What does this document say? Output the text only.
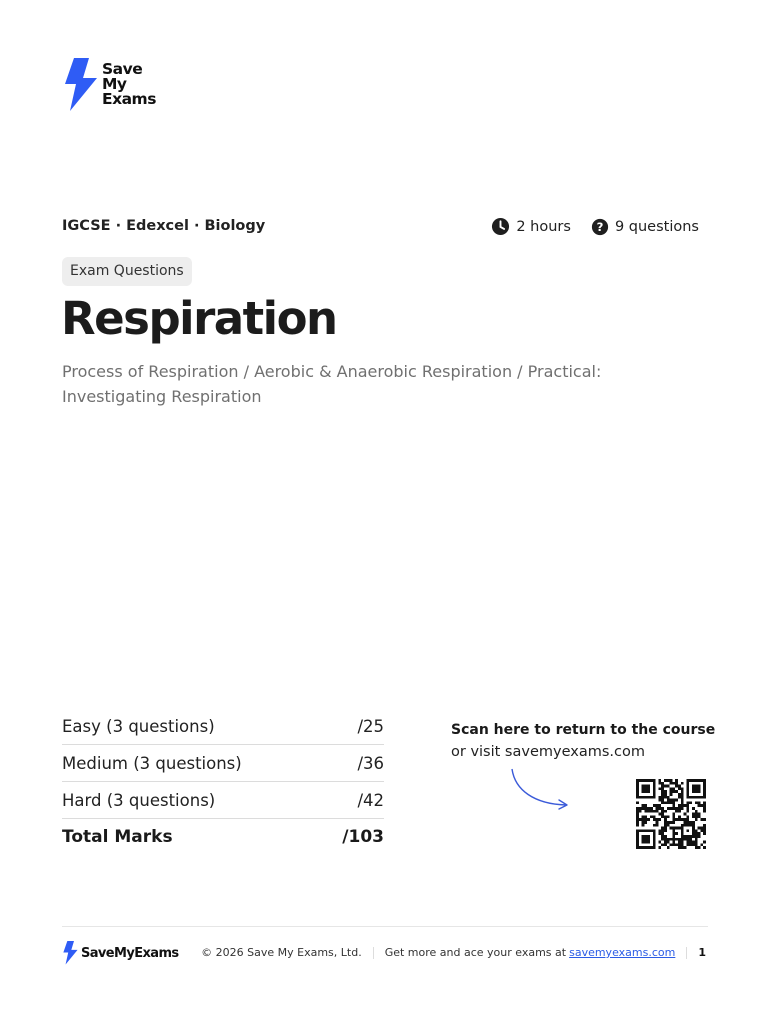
Save
My
Exams
IGCSE · Edexcel · Biology	2 hours ? 9 questions
Exam Questions
Respiration
Process of Respiration / Aerobic & Anaerobic Respiration / Practical: Investigating Respiration
Easy (3 questions)	/25
Medium (3 questions)	/36
Hard (3 questions)	/42
Total Marks	/103
Scan here to return to the course
or visit savemyexams.com
SaveMyExams © 2026 Save My Exams, Ltd. Get more and ace your exams at savemyexams.com 1
